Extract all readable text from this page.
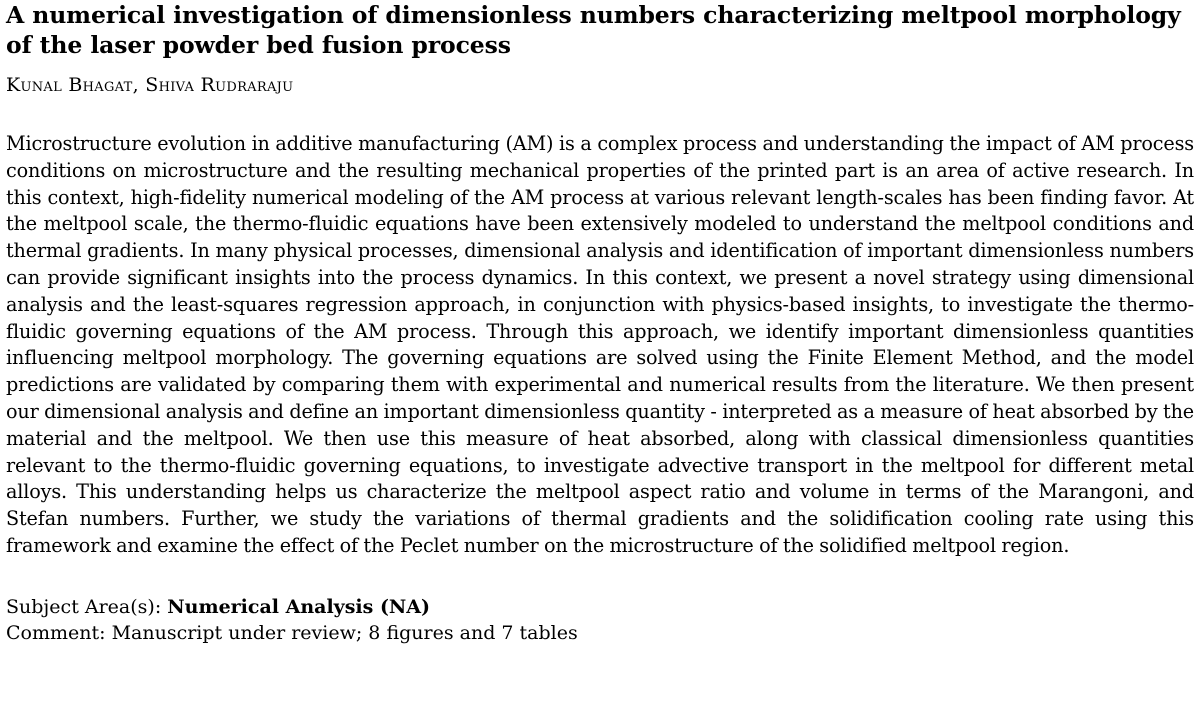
A numerical investigation of dimensionless numbers characterizing meltpool morphology of the laser powder bed fusion process
Kunal Bhagat, Shiva Rudraraju

Microstructure evolution in additive manufacturing (AM) is a complex process and understanding the impact of AM process conditions on microstructure and the resulting mechanical properties of the printed part is an area of active research. In this context, high-fidelity numerical modeling of the AM process at various relevant length-scales has been finding favor. At the meltpool scale, the thermo-fluidic equations have been extensively modeled to understand the meltpool conditions and thermal gradients. In many physical processes, dimensional analysis and identification of important dimensionless numbers can provide significant insights into the process dynamics. In this context, we present a novel strategy using dimensional analysis and the least-squares regression approach, in conjunction with physics-based insights, to investigate the thermo-fluidic governing equations of the AM process. Through this approach, we identify important dimensionless quantities influencing meltpool morphology. The governing equations are solved using the Finite Element Method, and the model predictions are validated by comparing them with experimental and numerical results from the literature. We then present our dimensional analysis and define an important dimensionless quantity - interpreted as a measure of heat absorbed by the material and the meltpool. We then use this measure of heat absorbed, along with classical dimensionless quantities relevant to the thermo-fluidic governing equations, to investigate advective transport in the meltpool for different metal alloys. This understanding helps us characterize the meltpool aspect ratio and volume in terms of the Marangoni, and Stefan numbers. Further, we study the variations of thermal gradients and the solidification cooling rate using this framework and examine the effect of the Peclet number on the microstructure of the solidified meltpool region.

Subject Area(s): Numerical Analysis (NA)
Comment: Manuscript under review; 8 figures and 7 tables
